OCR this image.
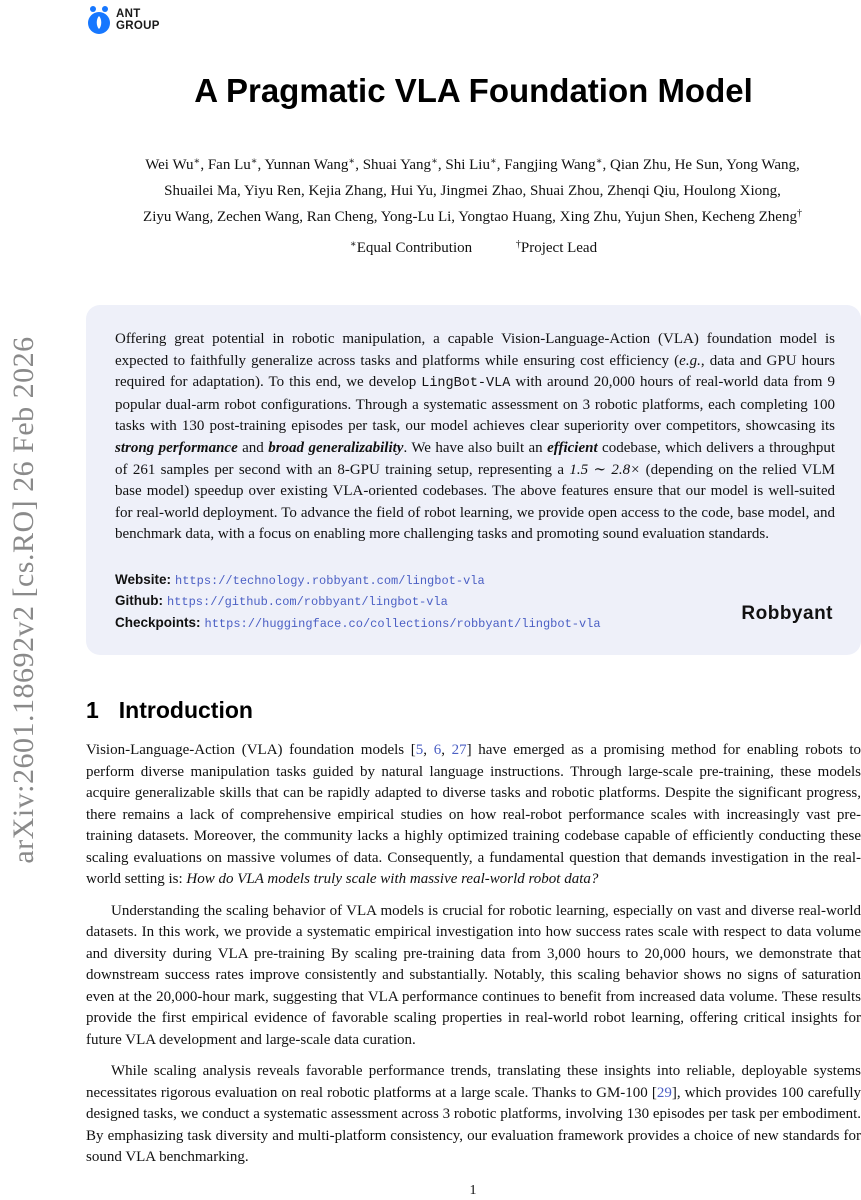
arXiv:2601.18692v2 [cs.RO] 26 Feb 2026
ANT
GROUP
A Pragmatic VLA Foundation Model

Wei Wu∗, Fan Lu∗, Yunnan Wang∗, Shuai Yang∗, Shi Liu∗, Fangjing Wang∗, Qian Zhu, He Sun, Yong Wang,

Shuailei Ma, Yiyu Ren, Kejia Zhang, Hui Yu, Jingmei Zhao, Shuai Zhou, Zhenqi Qiu, Houlong Xiong,

Ziyu Wang, Zechen Wang, Ran Cheng, Yong-Lu Li, Yongtao Huang, Xing Zhu, Yujun Shen, Kecheng Zheng†

∗Equal Contribution	†Project Lead

Offering great potential in robotic manipulation, a capable Vision-Language-Action (VLA) foundation model is expected to faithfully generalize across tasks and platforms while ensuring cost efficiency (e.g., data and GPU hours required for adaptation). To this end, we develop LingBot-VLA with around 20,000 hours of real-world data from 9 popular dual-arm robot configurations. Through a systematic assessment on 3 robotic platforms, each completing 100 tasks with 130 post-training episodes per task, our model achieves clear superiority over competitors, showcasing its strong performance and broad generalizability. We have also built an efficient codebase, which delivers a throughput of 261 samples per second with an 8-GPU training setup, representing a 1.5 ∼ 2.8× (depending on the relied VLM base model) speedup over existing VLA-oriented codebases. The above features ensure that our model is well-suited for real-world deployment. To advance the field of robot learning, we provide open access to the code, base model, and benchmark data, with a focus on enabling more challenging tasks and promoting sound evaluation standards.

Website: https://technology.robbyant.com/lingbot-vla
Github: https://github.com/robbyant/lingbot-vla
Checkpoints: https://huggingface.co/collections/robbyant/lingbot-vla	Robbyant
1 Introduction

Vision-Language-Action (VLA) foundation models [5, 6, 27] have emerged as a promising method for enabling robots to perform diverse manipulation tasks guided by natural language instructions. Through large-scale pre-training, these models acquire generalizable skills that can be rapidly adapted to diverse tasks and robotic platforms. Despite the significant progress, there remains a lack of comprehensive empirical studies on how real-robot performance scales with increasingly vast pre-training datasets. Moreover, the community lacks a highly optimized training codebase capable of efficiently conducting these scaling evaluations on massive volumes of data. Consequently, a fundamental question that demands investigation in the real-world setting is: How do VLA models truly scale with massive real-world robot data?

Understanding the scaling behavior of VLA models is crucial for robotic learning, especially on vast and diverse real-world datasets. In this work, we provide a systematic empirical investigation into how success rates scale with respect to data volume and diversity during VLA pre-training By scaling pre-training data from 3,000 hours to 20,000 hours, we demonstrate that downstream success rates improve consistently and substantially. Notably, this scaling behavior shows no signs of saturation even at the 20,000-hour mark, suggesting that VLA performance continues to benefit from increased data volume. These results provide the first empirical evidence of favorable scaling properties in real-world robot learning, offering critical insights for future VLA development and large-scale data curation.

While scaling analysis reveals favorable performance trends, translating these insights into reliable, deployable systems necessitates rigorous evaluation on real robotic platforms at a large scale. Thanks to GM-100 [29], which provides 100 carefully designed tasks, we conduct a systematic assessment across 3 robotic platforms, involving 130 episodes per task per embodiment. By emphasizing task diversity and multi-platform consistency, our evaluation framework provides a choice of new standards for sound VLA benchmarking.

1
